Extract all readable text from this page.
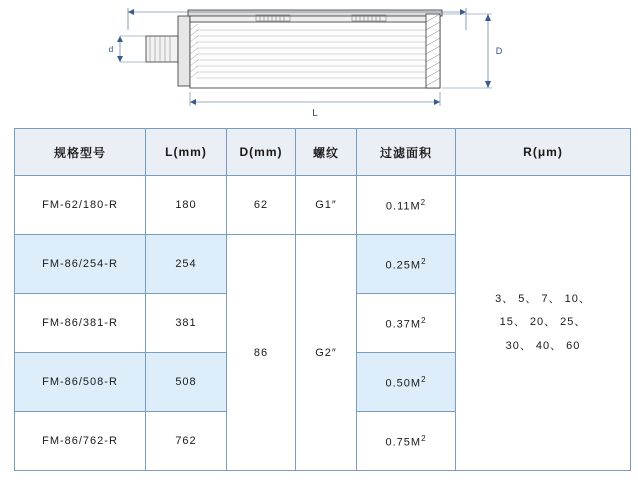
d	D
L
规格型号	L(mm)	D(mm)	螺纹	过滤面积	R(μm)
FM-62/180-R	180	62	G1″	$0.11M^2$	3、 5、 7、 10、
15、 20、 25、
30、 40、 60

FM-86/254-R	254	86	G2″	$0.25M^2$
FM-86/381-R	381			$0.37M^2$
FM-86/508-R	508			$0.50M^2$
FM-86/762-R	762			$0.75M^2$
